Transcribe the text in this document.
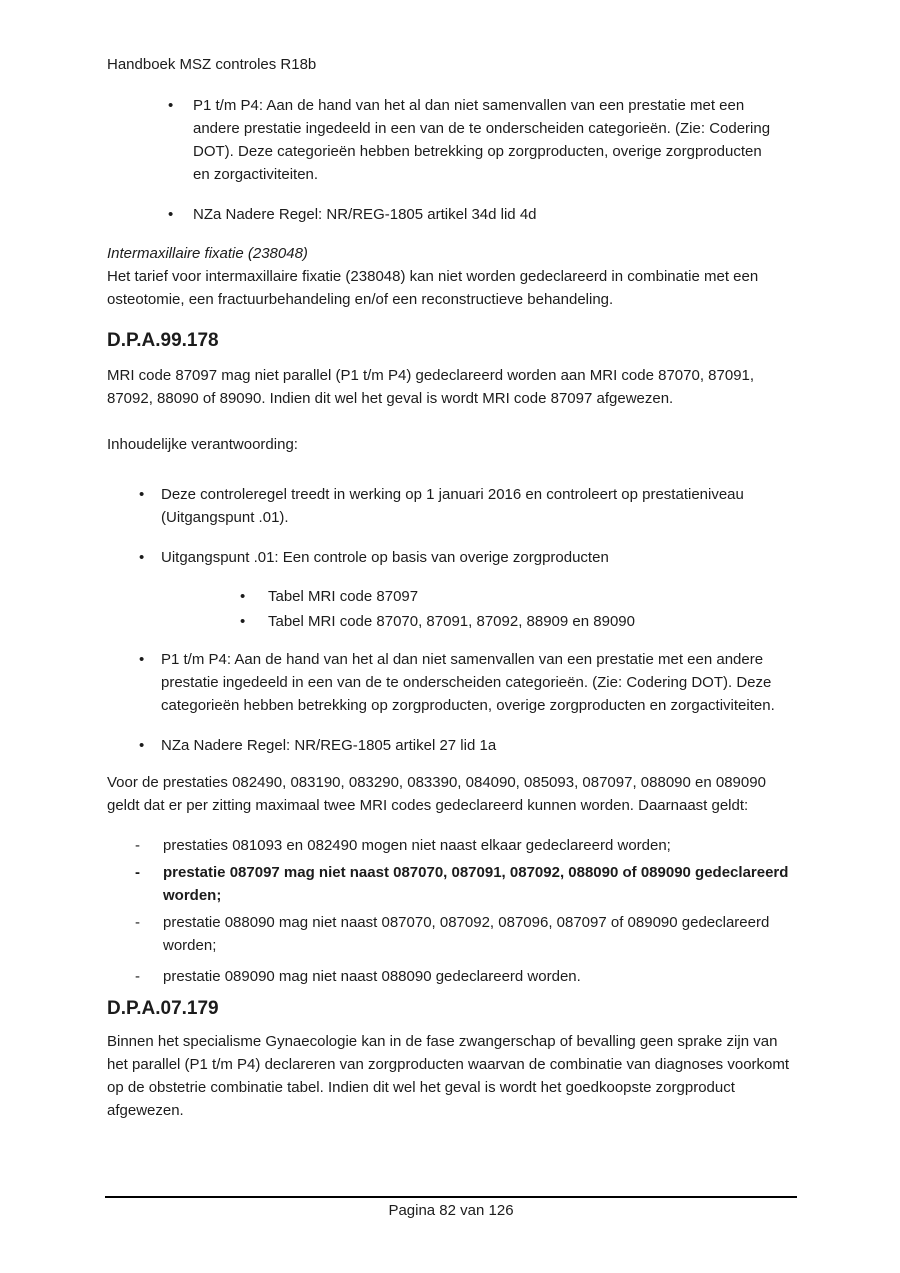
Handboek MSZ controles R18b

• P1 t/m P4: Aan de hand van het al dan niet samenvallen van een prestatie met een andere prestatie ingedeeld in een van de te onderscheiden categorieën. (Zie: Codering DOT). Deze categorieën hebben betrekking op zorgproducten, overige zorgproducten en zorgactiviteiten.
• NZa Nadere Regel: NR/REG-1805 artikel 34d lid 4d
Intermaxillaire fixatie (238048)

Het tarief voor intermaxillaire fixatie (238048) kan niet worden gedeclareerd in combinatie met een osteotomie, een fractuurbehandeling en/of een reconstructieve behandeling.

D.P.A.99.178

MRI code 87097 mag niet parallel (P1 t/m P4) gedeclareerd worden aan MRI code 87070, 87091, 87092, 88090 of 89090. Indien dit wel het geval is wordt MRI code 87097 afgewezen.

Inhoudelijke verantwoording:

• Deze controleregel treedt in werking op 1 januari 2016 en controleert op prestatieniveau (Uitgangspunt .01).
• Uitgangspunt .01: Een controle op basis van overige zorgproducten
• Tabel MRI code 87097
• Tabel MRI code 87070, 87091, 87092, 88909 en 89090
• P1 t/m P4: Aan de hand van het al dan niet samenvallen van een prestatie met een andere prestatie ingedeeld in een van de te onderscheiden categorieën. (Zie: Codering DOT). Deze categorieën hebben betrekking op zorgproducten, overige zorgproducten en zorgactiviteiten.
• NZa Nadere Regel: NR/REG-1805 artikel 27 lid 1a

Voor de prestaties 082490, 083190, 083290, 083390, 084090, 085093, 087097, 088090 en 089090 geldt dat er per zitting maximaal twee MRI codes gedeclareerd kunnen worden. Daarnaast geldt:

- prestaties 081093 en 082490 mogen niet naast elkaar gedeclareerd worden;
- prestatie 087097 mag niet naast 087070, 087091, 087092, 088090 of 089090 gedeclareerd worden;
- prestatie 088090 mag niet naast 087070, 087092, 087096, 087097 of 089090 gedeclareerd worden;
- prestatie 089090 mag niet naast 088090 gedeclareerd worden.
D.P.A.07.179

Binnen het specialisme Gynaecologie kan in de fase zwangerschap of bevalling geen sprake zijn van het parallel (P1 t/m P4) declareren van zorgproducten waarvan de combinatie van diagnoses voorkomt op de obstetrie combinatie tabel. Indien dit wel het geval is wordt het goedkoopste zorgproduct afgewezen.

Pagina 82 van 126
